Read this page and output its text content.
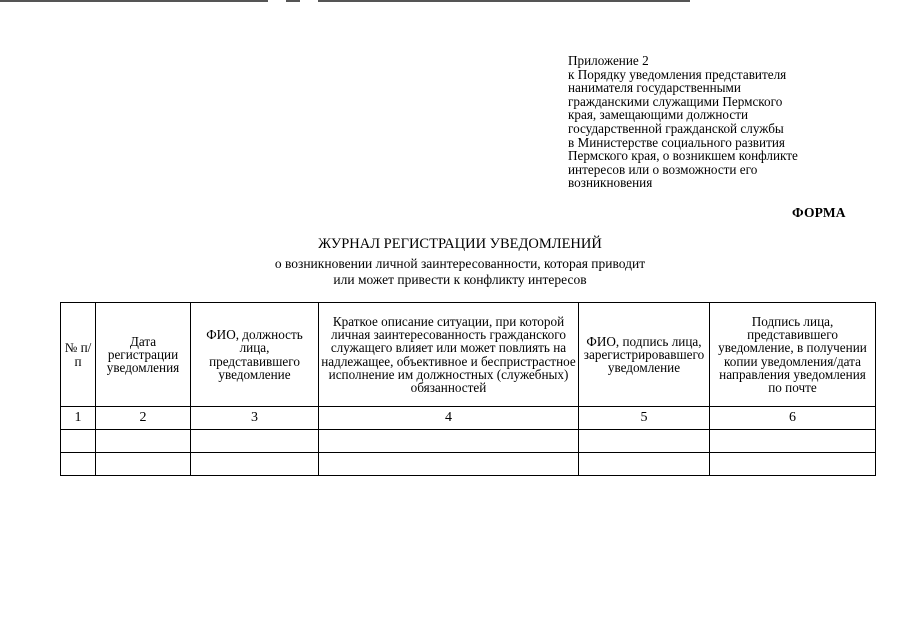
Приложение 2
к Порядку уведомления представителя
нанимателя государственными
гражданскими служащими Пермского
края, замещающими должности
государственной гражданской службы
в Министерстве социального развития
Пермского края, о возникшем конфликте
интересов или о возможности его
возникновения
ФОРМА
ЖУРНАЛ РЕГИСТРАЦИИ УВЕДОМЛЕНИЙ
о возникновении личной заинтересованности, которая приводит
или может привести к конфликту интересов
№ п/п	Дата регистрации уведомления	ФИО, должность лица, представившего уведомление	Краткое описание ситуации, при которой личная заинтересованность гражданского служащего влияет или может повлиять на надлежащее, объективное и беспристрастное исполнение им должностных (служебных) обязанностей	ФИО, подпись лица, зарегистрировавшего уведомление	Подпись лица, представившего уведомление, в получении копии уведомления/дата направления уведомления по почте
1	2	3	4	5	6
